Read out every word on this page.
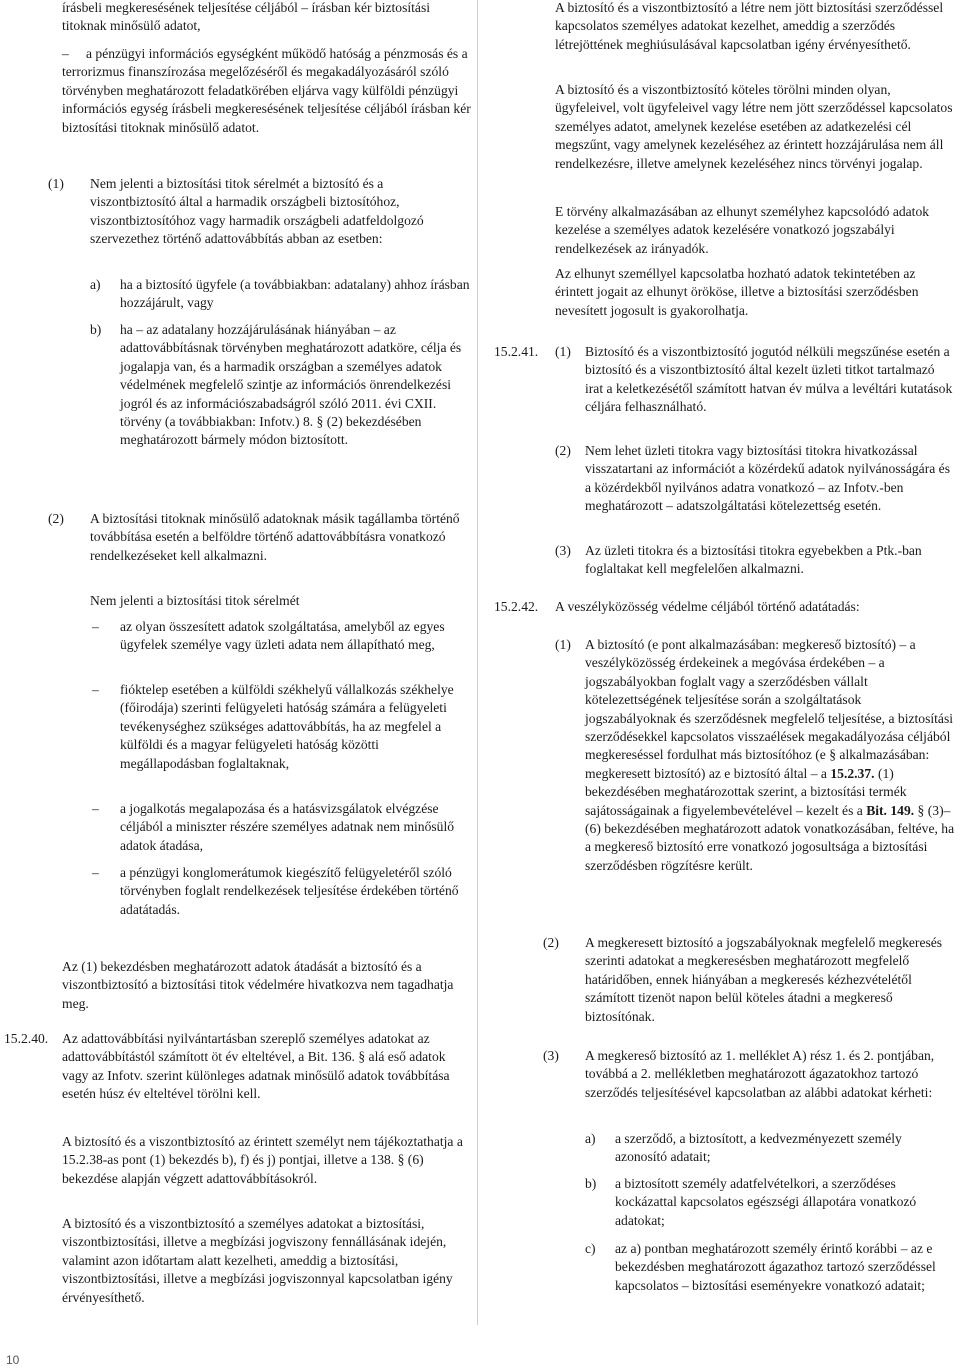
írásbeli megkeresésének teljesítése céljából – írásban kér biztosítási titoknak minősülő adatot,

–	a pénzügyi információs egységként működő hatóság a pénzmosás és a terrorizmus finanszírozása megelőzéséről és megakadályozásáról szóló törvényben meghatározott feladatkörében eljárva vagy külföldi pénzügyi információs egység írásbeli megkeresésének teljesítése céljából írásban kér biztosítási titoknak minősülő adatot.

(1) Nem jelenti a biztosítási titok sérelmét a biztosító és a viszontbiztosító által a harmadik országbeli biztosítóhoz, viszontbiztosítóhoz vagy harmadik országbeli adatfeldolgozó szervezethez történő adattovábbítás abban az esetben:

a) ha a biztosító ügyfele (a továbbiakban: adatalany) ahhoz írásban hozzájárult, vagy

b) ha – az adatalany hozzájárulásának hiányában – az adattovábbításnak törvényben meghatározott adatköre, célja és jogalapja van, és a harmadik országban a személyes adatok védelmének megfelelő szintje az információs önrendelkezési jogról és az információszabadságról szóló 2011. évi CXII. törvény (a továbbiakban: Infotv.) 8. § (2) bekezdésében meghatározott bármely módon biztosított.

(2) A biztosítási titoknak minősülő adatoknak másik tagállamba történő továbbítása esetén a belföldre történő adattovábbításra vonatkozó rendelkezéseket kell alkalmazni.

Nem jelenti a biztosítási titok sérelmét

– az olyan összesített adatok szolgáltatása, amelyből az egyes ügyfelek személye vagy üzleti adata nem állapítható meg,

– fióktelep esetében a külföldi székhelyű vállalkozás székhelye (főirodája) szerinti felügyeleti hatóság számára a felügyeleti tevékenységhez szükséges adattovábbítás, ha az megfelel a külföldi és a magyar felügyeleti hatóság közötti megállapodásban foglaltaknak,

– a jogalkotás megalapozása és a hatásvizsgálatok elvégzése céljából a miniszter részére személyes adatnak nem minősülő adatok átadása,

– a pénzügyi konglomerátumok kiegészítő felügyeletéről szóló törvényben foglalt rendelkezések teljesítése érdekében történő adatátadás.

Az (1) bekezdésben meghatározott adatok átadását a biztosító és a viszontbiztosító a biztosítási titok védelmére hivatkozva nem tagadhatja meg.

15.2.40. Az adattovábbítási nyilvántartásban szereplő személyes adatokat az adattovábbítástól számított öt év elteltével, a Bit. 136. § alá eső adatok vagy az Infotv. szerint különleges adatnak minősülő adatok továbbítása esetén húsz év elteltével törölni kell.

A biztosító és a viszontbiztosító az érintett személyt nem tájékoztathatja a 15.2.38-as pont (1) bekezdés b), f) és j) pontjai, illetve a 138. § (6) bekezdése alapján végzett adattovábbításokról.

A biztosító és a viszontbiztosító a személyes adatokat a biztosítási, viszontbiztosítási, illetve a megbízási jogviszony fennállásának idején, valamint azon időtartam alatt kezelheti, ameddig a biztosítási, viszontbiztosítási, illetve a megbízási jogviszonnyal kapcsolatban igény érvényesíthető.

A biztosító és a viszontbiztosító a létre nem jött biztosítási szerződéssel kapcsolatos személyes adatokat kezelhet, ameddig a szerződés létrejöttének meghiúsulásával kapcsolatban igény érvényesíthető.

A biztosító és a viszontbiztosító köteles törölni minden olyan, ügyfeleivel, volt ügyfeleivel vagy létre nem jött szerződéssel kapcsolatos személyes adatot, amelynek kezelése esetében az adatkezelési cél megszűnt, vagy amelynek kezeléséhez az érintett hozzájárulása nem áll rendelkezésre, illetve amelynek kezeléséhez nincs törvényi jogalap.

E törvény alkalmazásában az elhunyt személyhez kapcsolódó adatok kezelése a személyes adatok kezelésére vonatkozó jogszabályi rendelkezések az irányadók.

Az elhunyt személlyel kapcsolatba hozható adatok tekintetében az érintett jogait az elhunyt örököse, illetve a biztosítási szerződésben nevesített jogosult is gyakorolhatja.

15.2.41. (1) Biztosító és a viszontbiztosító jogutód nélküli megszűnése esetén a biztosító és a viszontbiztosító által kezelt üzleti titkot tartalmazó irat a keletkezésétől számított hatvan év múlva a levéltári kutatások céljára felhasználható.

(2) Nem lehet üzleti titokra vagy biztosítási titokra hivatkozással visszatartani az információt a közérdekű adatok nyilvánosságára és a közérdekből nyilvános adatra vonatkozó – az Infotv.-ben meghatározott – adatszolgáltatási kötelezettség esetén.

(3) Az üzleti titokra és a biztosítási titokra egyebekben a Ptk.-ban foglaltakat kell megfelelően alkalmazni.

15.2.42. A veszélyközösség védelme céljából történő adatátadás:

(1) A biztosító (e pont alkalmazásában: megkereső biztosító) – a veszélyközösség érdekeinek a megóvása érdekében – a jogszabályokban foglalt vagy a szerződésben vállalt kötelezettségének teljesítése során a szolgáltatások jogszabályoknak és szerződésnek megfelelő teljesítése, a biztosítási szerződésekkel kapcsolatos visszaélések megakadályozása céljából megkereséssel fordulhat más biztosítóhoz (e § alkalmazásában: megkeresett biztosító) az e biztosító által – a 15.2.37. (1) bekezdésében meghatározottak szerint, a biztosítási termék sajátosságainak a figyelembevételével – kezelt és a Bit. 149. § (3)–(6) bekezdésében meghatározott adatok vonatkozásában, feltéve, ha a megkereső biztosító erre vonatkozó jogosultsága a biztosítási szerződésben rögzítésre került.

(2) A megkeresett biztosító a jogszabályoknak megfelelő megkeresés szerinti adatokat a megkeresésben meghatározott megfelelő határidőben, ennek hiányában a megkeresés kézhezvételétől számított tizenöt napon belül köteles átadni a megkereső biztosítónak.

(3) A megkereső biztosító az 1. melléklet A) rész 1. és 2. pontjában, továbbá a 2. mellékletben meghatározott ágazatokhoz tartozó szerződés teljesítésével kapcsolatban az alábbi adatokat kérheti:

a) a szerződő, a biztosított, a kedvezményezett személy azonosító adatait;

b) a biztosított személy adatfelvételkori, a szerződéses kockázattal kapcsolatos egészségi állapotára vonatkozó adatokat;

c) az a) pontban meghatározott személy érintő korábbi – az e bekezdésben meghatározott ágazathoz tartozó szerződéssel kapcsolatos – biztosítási eseményekre vonatkozó adatait;

10
